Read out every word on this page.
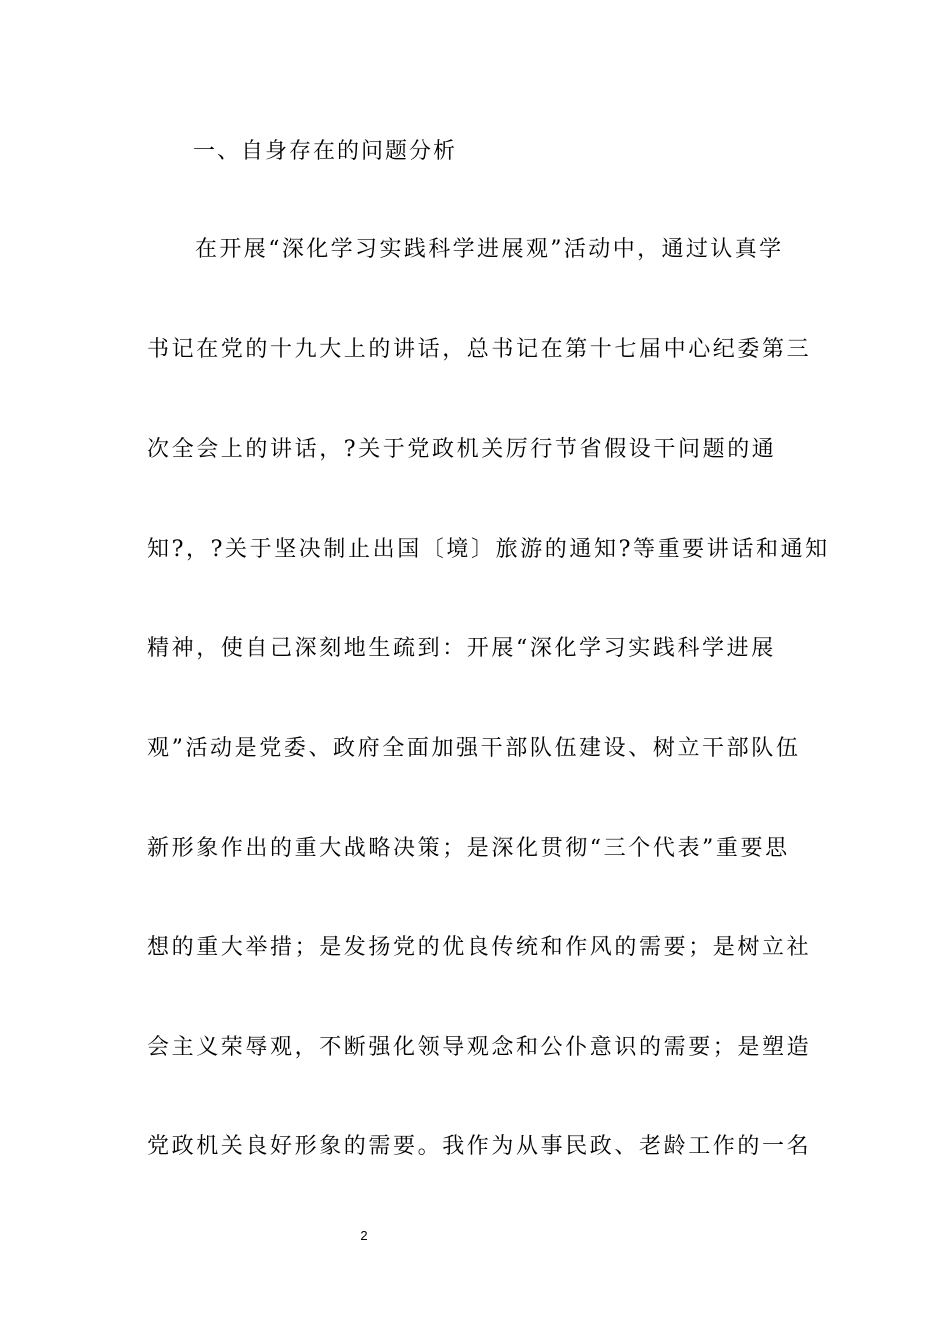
一、自身存在的问题分析
在开展“深化学习实践科学进展观”活动中，通过认真学
书记在党的十九大上的讲话，总书记在第十七届中心纪委第三
次全会上的讲话，?关于党政机关厉行节省假设干问题的通
知?，?关于坚决制止出国〔境〕旅游的通知?等重要讲话和通知
精神，使自己深刻地生疏到：开展“深化学习实践科学进展
观”活动是党委、政府全面加强干部队伍建设、树立干部队伍
新形象作出的重大战略决策；是深化贯彻“三个代表”重要思
想的重大举措；是发扬党的优良传统和作风的需要；是树立社
会主义荣辱观，不断强化领导观念和公仆意识的需要；是塑造
党政机关良好形象的需要。我作为从事民政、老龄工作的一名
2
